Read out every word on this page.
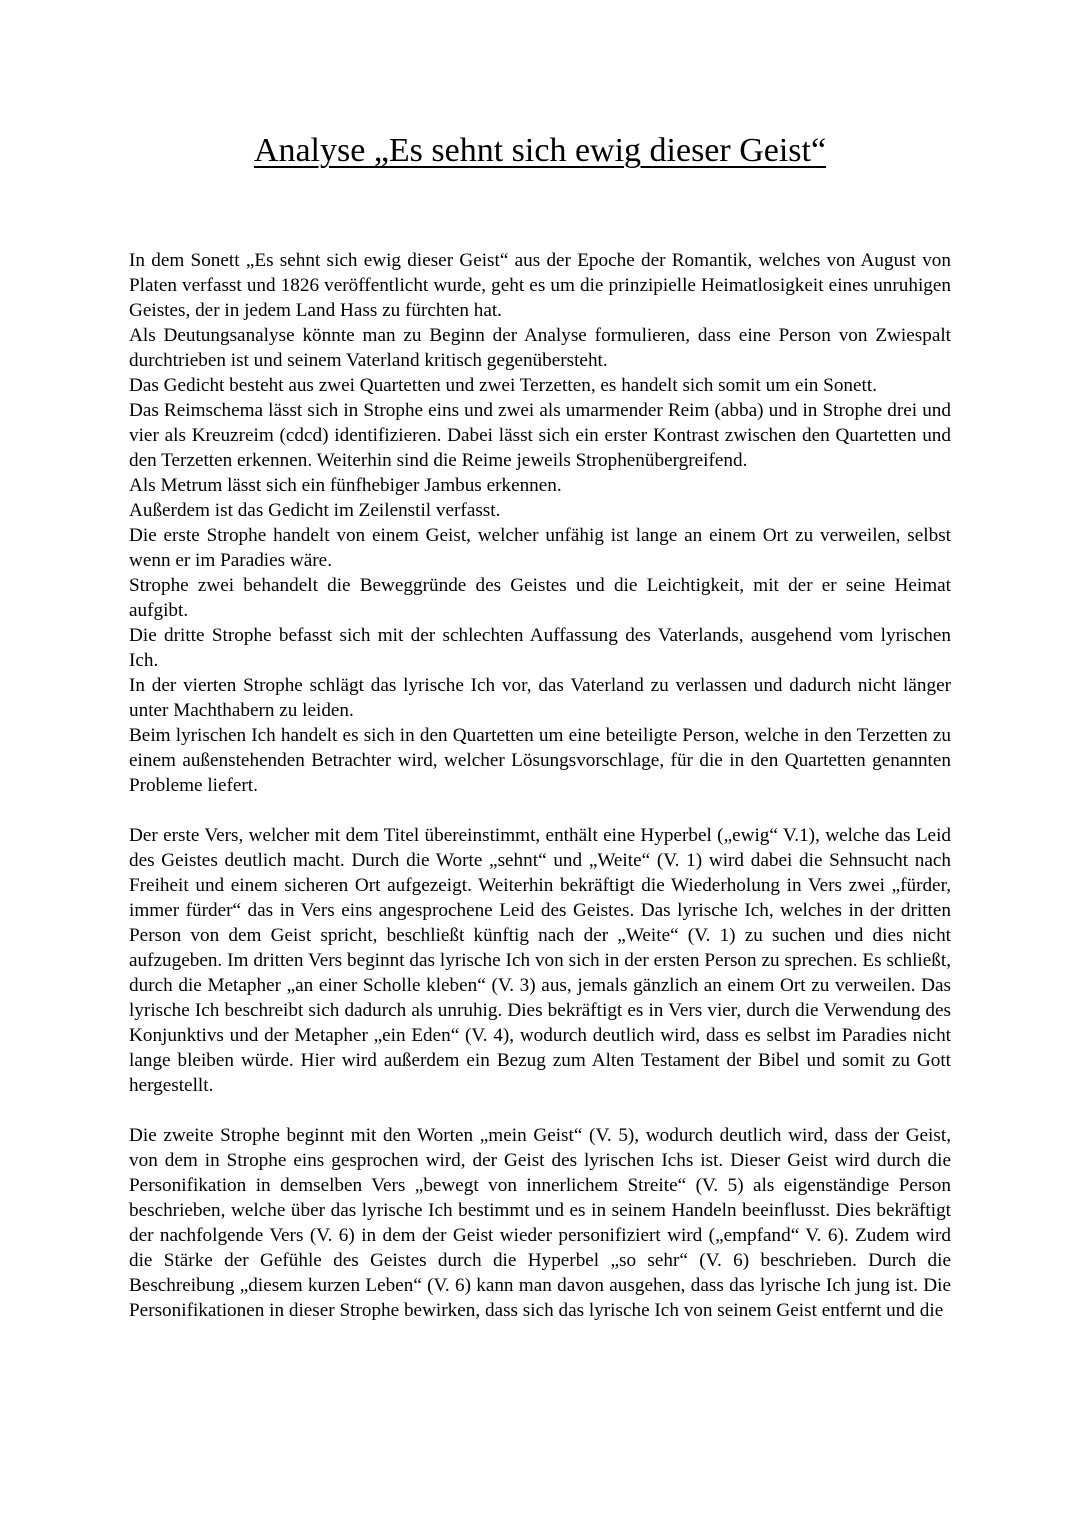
Analyse „Es sehnt sich ewig dieser Geist“

In dem Sonett „Es sehnt sich ewig dieser Geist“ aus der Epoche der Romantik, welches von August von Platen verfasst und 1826 veröffentlicht wurde, geht es um die prinzipielle Heimatlosigkeit eines unruhigen Geistes, der in jedem Land Hass zu fürchten hat.

Als Deutungsanalyse könnte man zu Beginn der Analyse formulieren, dass eine Person von Zwiespalt durchtrieben ist und seinem Vaterland kritisch gegenübersteht.

Das Gedicht besteht aus zwei Quartetten und zwei Terzetten, es handelt sich somit um ein Sonett.

Das Reimschema lässt sich in Strophe eins und zwei als umarmender Reim (abba) und in Strophe drei und vier als Kreuzreim (cdcd) identifizieren. Dabei lässt sich ein erster Kontrast zwischen den Quartetten und den Terzetten erkennen. Weiterhin sind die Reime jeweils Strophenübergreifend.

Als Metrum lässt sich ein fünfhebiger Jambus erkennen.

Außerdem ist das Gedicht im Zeilenstil verfasst.

Die erste Strophe handelt von einem Geist, welcher unfähig ist lange an einem Ort zu verweilen, selbst wenn er im Paradies wäre.

Strophe zwei behandelt die Beweggründe des Geistes und die Leichtigkeit, mit der er seine Heimat aufgibt.

Die dritte Strophe befasst sich mit der schlechten Auffassung des Vaterlands, ausgehend vom lyrischen Ich.

In der vierten Strophe schlägt das lyrische Ich vor, das Vaterland zu verlassen und dadurch nicht länger unter Machthabern zu leiden.

Beim lyrischen Ich handelt es sich in den Quartetten um eine beteiligte Person, welche in den Terzetten zu einem außenstehenden Betrachter wird, welcher Lösungsvorschlage, für die in den Quartetten genannten Probleme liefert.

Der erste Vers, welcher mit dem Titel übereinstimmt, enthält eine Hyperbel („ewig“ V.1), welche das Leid des Geistes deutlich macht. Durch die Worte „sehnt“ und „Weite“ (V. 1) wird dabei die Sehnsucht nach Freiheit und einem sicheren Ort aufgezeigt. Weiterhin bekräftigt die Wiederholung in Vers zwei „fürder, immer fürder“ das in Vers eins angesprochene Leid des Geistes. Das lyrische Ich, welches in der dritten Person von dem Geist spricht, beschließt künftig nach der „Weite“ (V. 1) zu suchen und dies nicht aufzugeben. Im dritten Vers beginnt das lyrische Ich von sich in der ersten Person zu sprechen. Es schließt, durch die Metapher „an einer Scholle kleben“ (V. 3) aus, jemals gänzlich an einem Ort zu verweilen. Das lyrische Ich beschreibt sich dadurch als unruhig. Dies bekräftigt es in Vers vier, durch die Verwendung des Konjunktivs und der Metapher „ein Eden“ (V. 4), wodurch deutlich wird, dass es selbst im Paradies nicht lange bleiben würde. Hier wird außerdem ein Bezug zum Alten Testament der Bibel und somit zu Gott hergestellt.

Die zweite Strophe beginnt mit den Worten „mein Geist“ (V. 5), wodurch deutlich wird, dass der Geist, von dem in Strophe eins gesprochen wird, der Geist des lyrischen Ichs ist. Dieser Geist wird durch die Personifikation in demselben Vers „bewegt von innerlichem Streite“ (V. 5) als eigenständige Person beschrieben, welche über das lyrische Ich bestimmt und es in seinem Handeln beeinflusst. Dies bekräftigt der nachfolgende Vers (V. 6) in dem der Geist wieder personifiziert wird („empfand“ V. 6). Zudem wird die Stärke der Gefühle des Geistes durch die Hyperbel „so sehr“ (V. 6) beschrieben. Durch die Beschreibung „diesem kurzen Leben“ (V. 6) kann man davon ausgehen, dass das lyrische Ich jung ist. Die Personifikationen in dieser Strophe bewirken, dass sich das lyrische Ich von seinem Geist entfernt und die
